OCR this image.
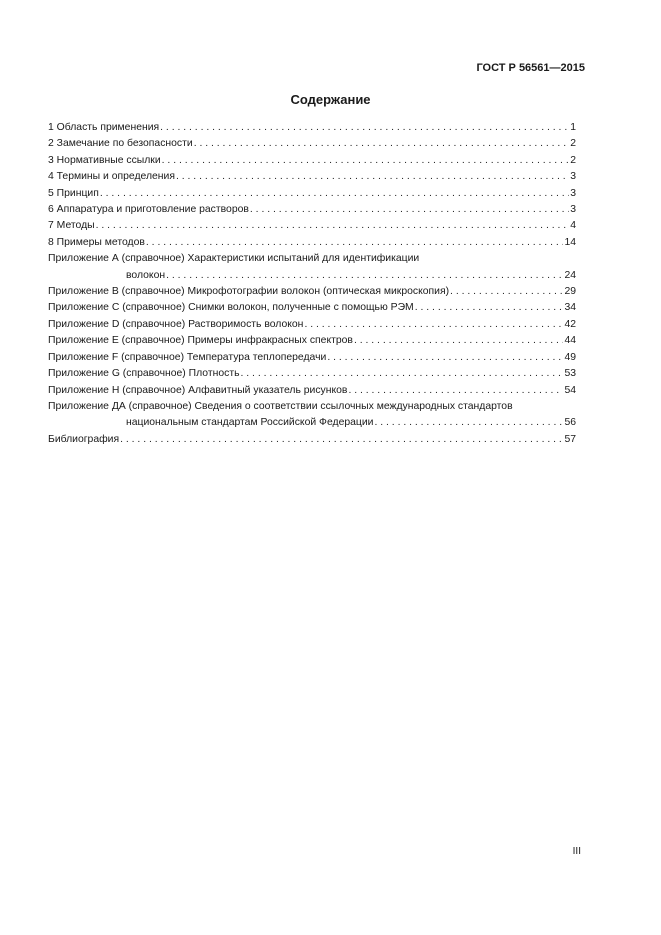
ГОСТ Р 56561—2015
Содержание
1 Область применения . . .	1
2 Замечание по безопасности . . .	2
3 Нормативные ссылки . . .	2
4 Термины и определения . . .	3
5 Принцип . . .	3
6 Аппаратура и приготовление растворов . . .	3
7 Методы . . .	4
8 Примеры методов . . .	14
Приложение А (справочное) Характеристики испытаний для идентификации
волокон . . .	24
Приложение В (справочное) Микрофотографии волокон (оптическая микроскопия) . . .	29
Приложение С (справочное) Снимки волокон, полученные с помощью РЭМ . . .	34
Приложение D (справочное) Растворимость волокон . . .	42
Приложение Е (справочное) Примеры инфракрасных спектров . . .	44
Приложение F (справочное) Температура теплопередачи . . .	49
Приложение G (справочное) Плотность . . .	53
Приложение Н (справочное) Алфавитный указатель рисунков . . .	54
Приложение ДА (справочное) Сведения о соответствии ссылочных международных стандартов
национальным стандартам Российской Федерации . . .	56
Библиография . . .	57
III
